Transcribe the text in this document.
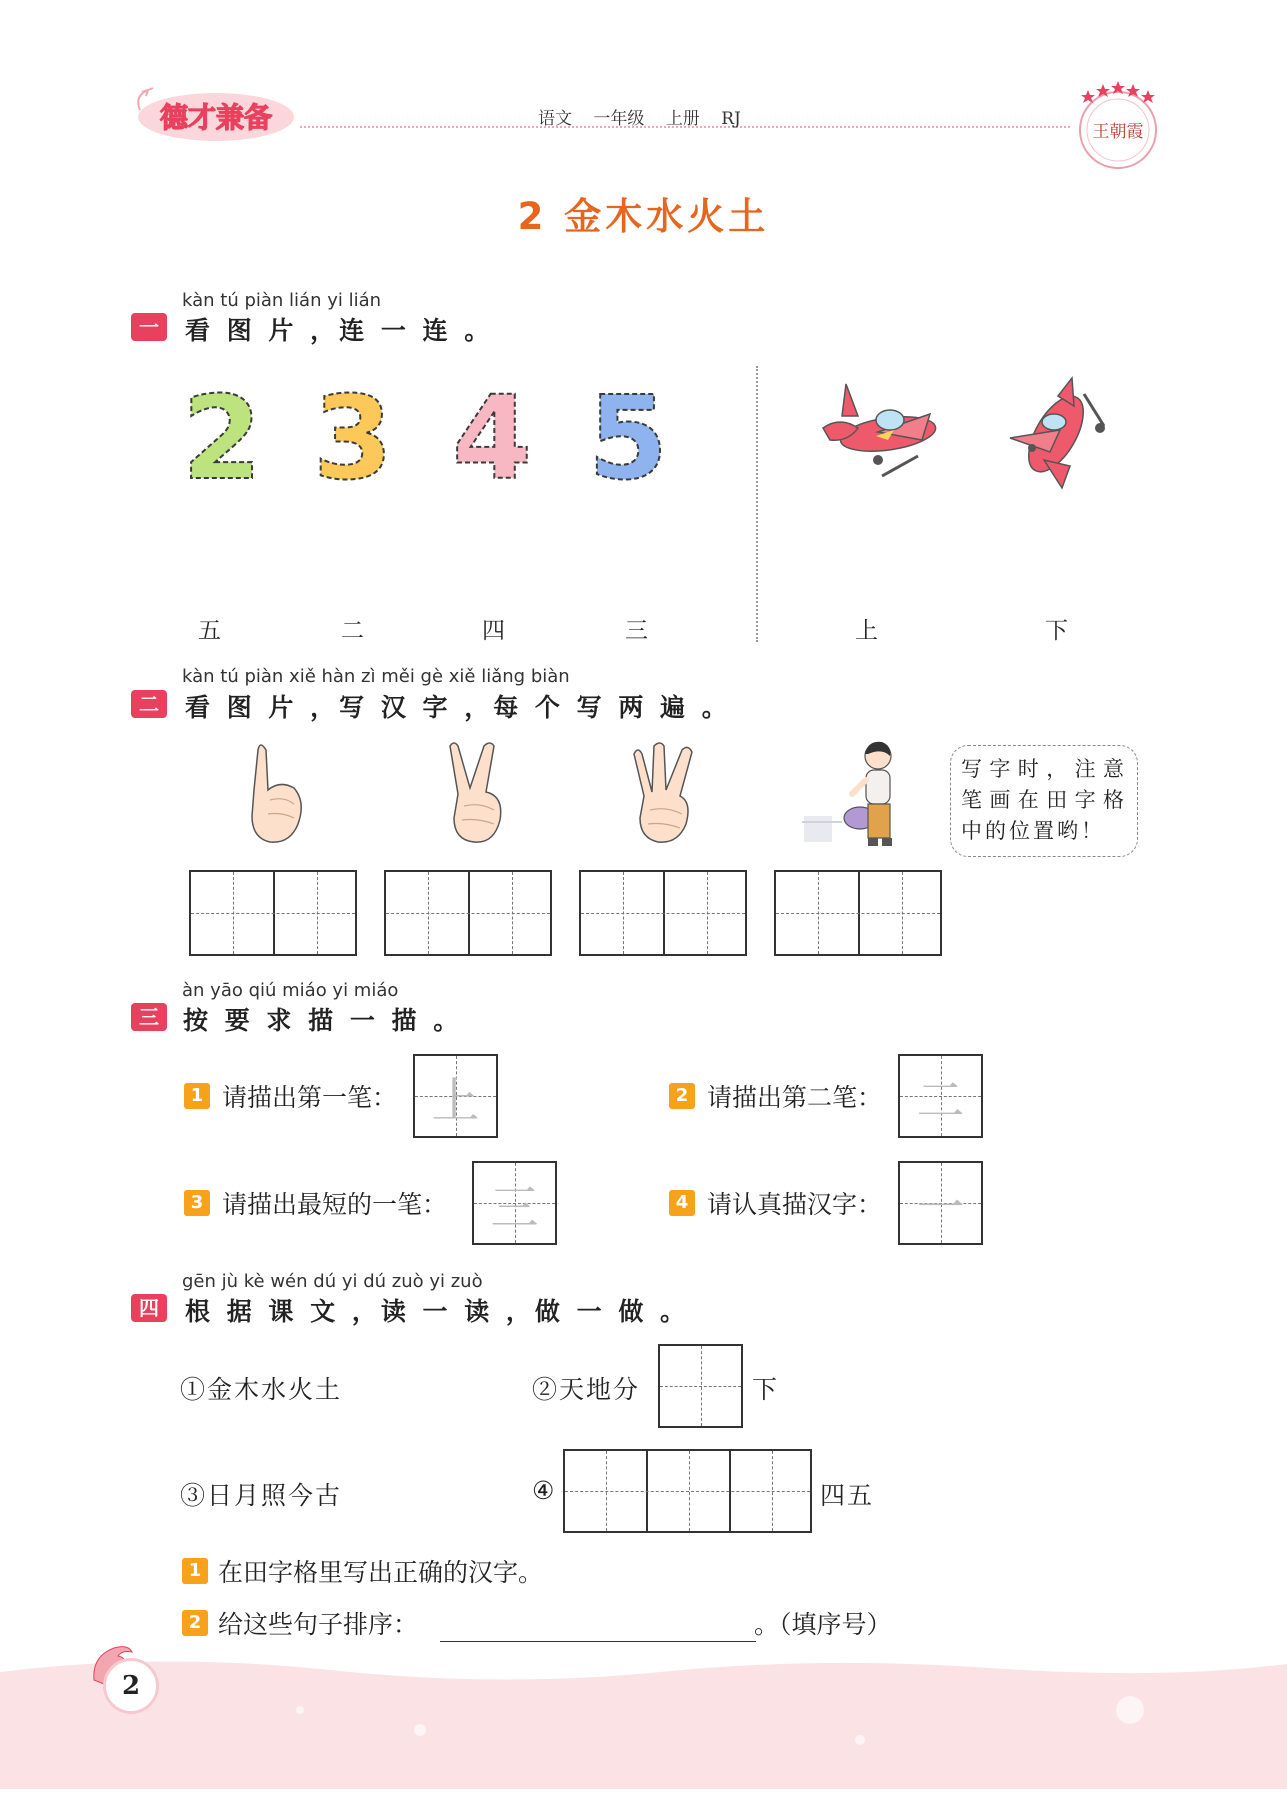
德才兼备	语文 一年级 上册 RJ
王朝霞
2 金木水火土
kàn tú piàn lián yi lián
一	看 图 片 ，连 一 连 。
2 3 4 5
五	二	四	三	上	下
kàn tú piàn xiě hàn zì měi gè xiě liǎng biàn
二	看 图 片 ，写 汉 字 ，每 个 写 两 遍 。
写字时，注意笔画在田字格中的位置哟！
àn yāo qiú miáo yi miáo
三 按 要 求 描 一 描 。
1 请描出第一笔： 上	2 请描出第二笔： 二
3 请描出最短的一笔： 三	4 请认真描汉字： 一
gēn jù kè wén dú yi dú zuò yi zuò
四	根 据 课 文 ，读 一 读 ，做 一 做 。
①金木水火土	②天地分	下
③日月照今古	④	四五
1 在田字格里写出正确的汉字。
2 给这些句子排序：	。（填序号）
2
